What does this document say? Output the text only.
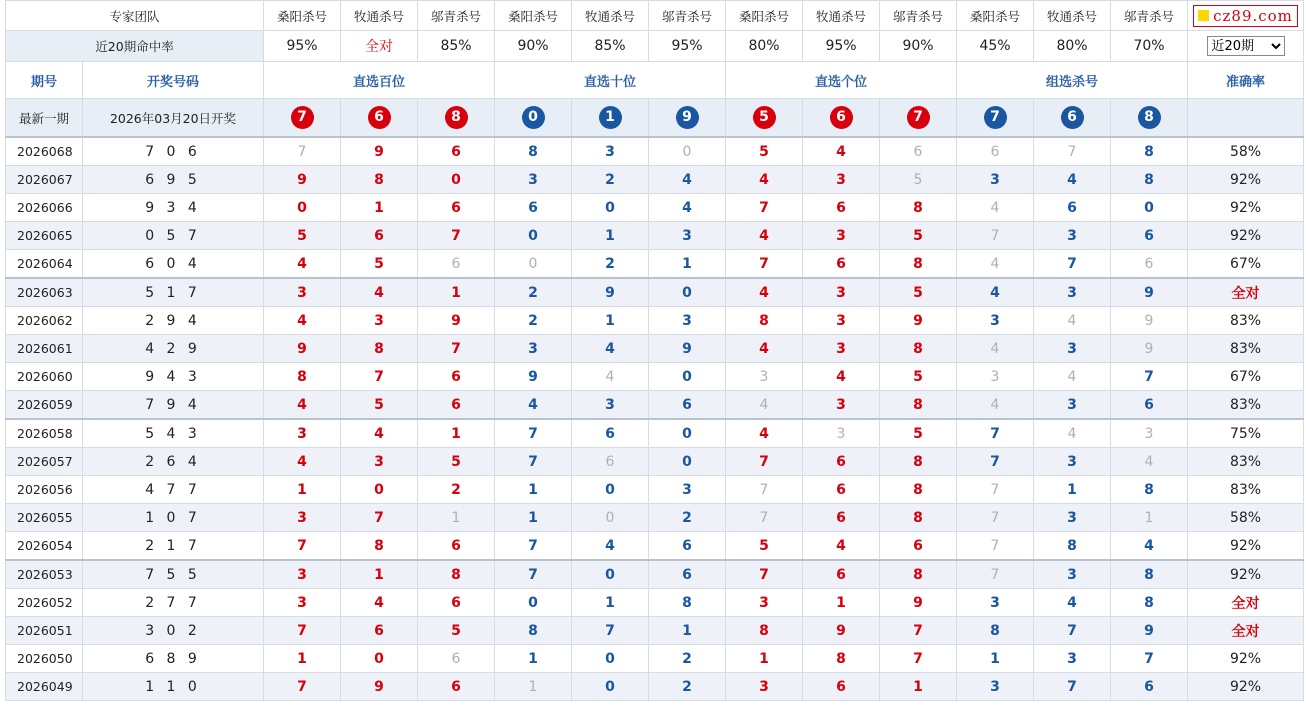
专家团队		桑阳杀号	牧通杀号	邬青杀号	桑阳杀号	牧通杀号	邬青杀号	桑阳杀号	牧通杀号	邬青杀号	桑阳杀号	牧通杀号	邬青杀号	cz89.com

近20期命中率		95%	全对	85%	90%	85%	95%	80%	95%	90%	45%	80%	70%	
近20期
期号	开奖号码	直选百位			直选十位			直选个位			组选杀号			准确率
最新一期	2026年03月20日开奖	7	6	8	0	1	9	5	6	7	7	6	8	
2026068	7 0 6	7	9	6	8	3	0	5	4	6	6	7	8	58%
2026067	6 9 5	9	8	0	3	2	4	4	3	5	3	4	8	92%
2026066	9 3 4	0	1	6	6	0	4	7	6	8	4	6	0	92%
2026065	0 5 7	5	6	7	0	1	3	4	3	5	7	3	6	92%
2026064	6 0 4	4	5	6	0	2	1	7	6	8	4	7	6	67%
2026063	5 1 7	3	4	1	2	9	0	4	3	5	4	3	9	全对
2026062	2 9 4	4	3	9	2	1	3	8	3	9	3	4	9	83%
2026061	4 2 9	9	8	7	3	4	9	4	3	8	4	3	9	83%
2026060	9 4 3	8	7	6	9	4	0	3	4	5	3	4	7	67%
2026059	7 9 4	4	5	6	4	3	6	4	3	8	4	3	6	83%
2026058	5 4 3	3	4	1	7	6	0	4	3	5	7	4	3	75%
2026057	2 6 4	4	3	5	7	6	0	7	6	8	7	3	4	83%
2026056	4 7 7	1	0	2	1	0	3	7	6	8	7	1	8	83%
2026055	1 0 7	3	7	1	1	0	2	7	6	8	7	3	1	58%
2026054	2 1 7	7	8	6	7	4	6	5	4	6	7	8	4	92%
2026053	7 5 5	3	1	8	7	0	6	7	6	8	7	3	8	92%
2026052	2 7 7	3	4	6	0	1	8	3	1	9	3	4	8	全对
2026051	3 0 2	7	6	5	8	7	1	8	9	7	8	7	9	全对
2026050	6 8 9	1	0	6	1	0	2	1	8	7	1	3	7	92%
2026049	1 1 0	7	9	6	1	0	2	3	6	1	3	7	6	92%
